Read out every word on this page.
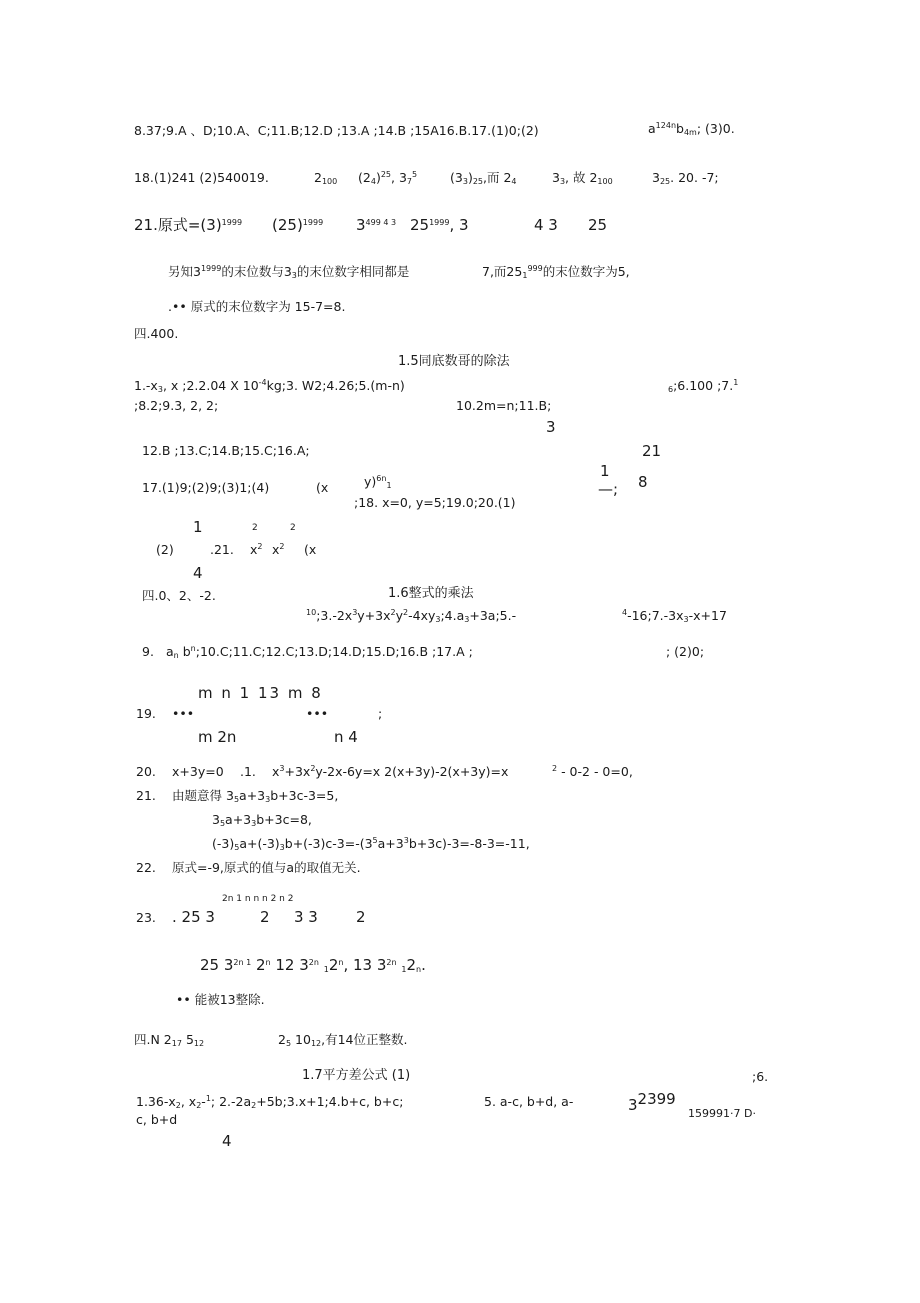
8.37;9.A 、D;10.A、C;11.B;12.D ;13.A ;14.B ;15A16.B.17.(1)0;(2)	$a^{124n}b_{4m}$; (3)0.
18.(1)241 (2)540019.	$2_{100}$ $(2_4)^{25}$, $3_7^5$	$(3_3)_{25}$,而 $2_4$	$3_3$, 故 $2_{100}$	$3_{25}$. 20. -7;
21.原式$=(3)^{1999}$ $(25)^{1999}$ $3^{499 4 3}$ $25^{1999}$, 3	4 3 25
另知$3^{1999}$的末位数与$3_3$的末位数字相同都是	7,而$25_1^{999}$的末位数字为5,
.•• 原式的末位数字为 15-7=8.
四.400.
1.5同底数哥的除法
$1.-x_3$, x ;2.2.04 X $10^{-4}kg;3$. W2;4.26;5.(m-n)	$_6$;6.100 ;7.$^1$
;8.2;9.3, 2, 2;	10.2m=n;11.B;
3
12.B ;13.C;14.B;15.C;16.A;	21
17.(1)9;(2)9;(3)1;(4)	(x	y)$^{6n}_1$
1
—; 8
;18. x=0, y=5;19.0;20.(1)
1	2	2
(2)	.21. $x^2$ $x^2$ (x
4
四.0、2、-2.	1.6整式的乘法
$^{10};3.-2x^3y+3x^2y^2-4xy_3;4.a_3+3a;5.-$	$^4-16;7.-3x_3-x+17$
9. $a_n$ $b^n;10.C;11.C;12.C;13.D;14.D;15.D;16.B$ ;17.A ;	; (2)0;
m n 1 13 m 8
19. •••	•••	;
m 2n	n 4
20. x+3y=0 .1. $x^3+3x^2y-2x-6y=x$ 2(x+3y)-2(x+3y)=x	$^2$ - 0-2 - 0=0,
21. 由题意得 $3_5a+3_3b+3c-3=5$,
$3_5a+3_3b+3c=8$,
$(-3)_5a+(-3)_3b+(-3)c-3=-(3^5a+3^3b+3c)-3=-8-3=-11$,
22. 原式=-9,原式的值与a的取值无关.
2n 1 n n n 2 n 2
23. . 25 3	2 3 3	2
25 $3^{2n 1}$ 2$^n$ 12 $3^{2n}$ $_12^n$, 13 $3^{2n}$ $_12_n$.
•• 能被13整除.
四.N $2_{17}$ $5_{12}$	$2_5$ $10_{12}$,有14位正整数.
1.7平方差公式 (1)	;6.
$1.36-x_2$, $x_2-^1$; $2.-2a_2+5b;3.x+1;4.b+c$, b+c;	5. a-c, b+d, a-	$3^{2399}$
159991·7 D·
c, b+d
4
